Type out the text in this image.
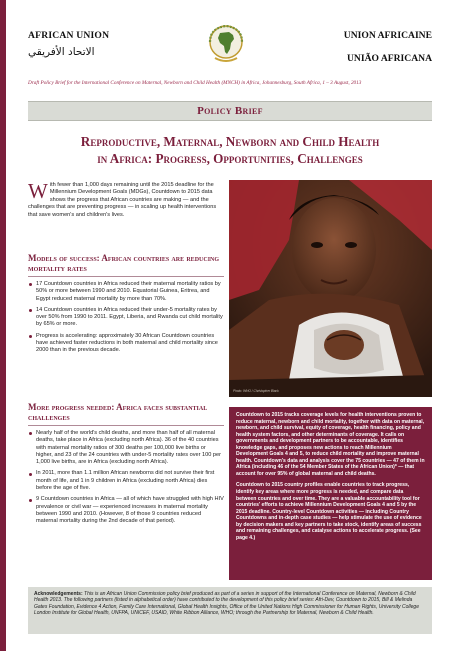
AFRICAN UNION
الاتحاد الأفريقي
UNION AFRICAINE
UNIÃO AFRICANA
Draft Policy Brief for the International Conference on Maternal, Newborn and Child Health (MNCH) in Africa, Johannesburg, South Africa, 1 – 3 August, 2013
Policy Brief
Reproductive, Maternal, Newborn and Child Health
in Africa: Progress, Opportunities, Challenges
W ith fewer than 1,000 days remaining until the 2015 deadline for the Millennium Development Goals (MDGs), Countdown to 2015 data shows the progress that African countries are making — and the challenges that are preventing progress — in scaling up health interventions that save women's and children's lives.
Photo: WHO / Christopher Black
Models of success: African countries are reducing mortality rates
17 Countdown countries in Africa reduced their maternal mortality ratios by 50% or more between 1990 and 2010. Equatorial Guinea, Eritrea, and Egypt reduced maternal mortality by more than 70%.
14 Countdown countries in Africa reduced their under-5 mortality rates by over 50% from 1990 to 2011. Egypt, Liberia, and Rwanda cut child mortality by 65% or more.
Progress is accelerating: approximately 30 African Countdown countries have achieved faster reductions in both maternal and child mortality since 2000 than in the previous decade.
More progress needed: Africa faces substantial challenges
Nearly half of the world's child deaths, and more than half of all maternal deaths, take place in Africa (excluding north Africa). 36 of the 40 countries with maternal mortality ratios of 300 deaths per 100,000 live births or higher, and 23 of the 24 countries with under-5 mortality rates over 100 per 1,000 live births, are in Africa (excluding north Africa).
In 2011, more than 1.1 million African newborns did not survive their first month of life, and 1 in 9 children in Africa (excluding north Africa) dies before the age of five.
9 Countdown countries in Africa — all of which have struggled with high HIV prevalence or civil war — experienced increases in maternal mortality between 1990 and 2010. (However, 8 of those 9 countries reduced maternal mortality during the 2nd decade of that period).

Countdown to 2015 tracks coverage levels for health interventions proven to reduce maternal, newborn and child mortality, together with data on maternal, newborn, and child survival, equity of coverage, health financing, policy and health system factors, and other determinants of coverage. It calls on governments and development partners to be accountable, identifies knowledge gaps, and proposes new actions to reach Millennium Development Goals 4 and 5, to reduce child mortality and improve maternal health. Countdown's data and analysis cover the 75 countries — 47 of them in Africa (including 46 of the 54 Member States of the African Union)* — that account for over 95% of global maternal and child deaths.

Countdown to 2015 country profiles enable countries to track progress, identify key areas where more progress is needed, and compare data between countries and over time. They are a valuable accountability tool for countries' efforts to achieve Millennium Development Goals 4 and 5 by the 2015 deadline. Country-level Countdown activities — including Country Countdowns and in-depth case studies — help stimulate the use of evidence by decision makers and key partners to take stock, identify areas of success and remaining challenges, and catalyse actions to accelerate progress. (See page 4.)

Acknowledgements: This is an African Union Commission policy brief produced as part of a series in support of the International Conference on Maternal, Newborn & Child Health 2013. The following partners (listed in alphabetical order) have contributed to the development of this policy brief series: Afri-Dev, Countdown to 2015, Bill & Melinda Gates Foundation, Evidence 4 Action, Family Care International, Global Health Insights, Office of the United Nations High Commissioner for Human Rights, University College London Institute for Global Health, UNFPA, UNICEF, USAID, White Ribbon Alliance, WHO; through the Partnership for Maternal, Newborn & Child Health.
